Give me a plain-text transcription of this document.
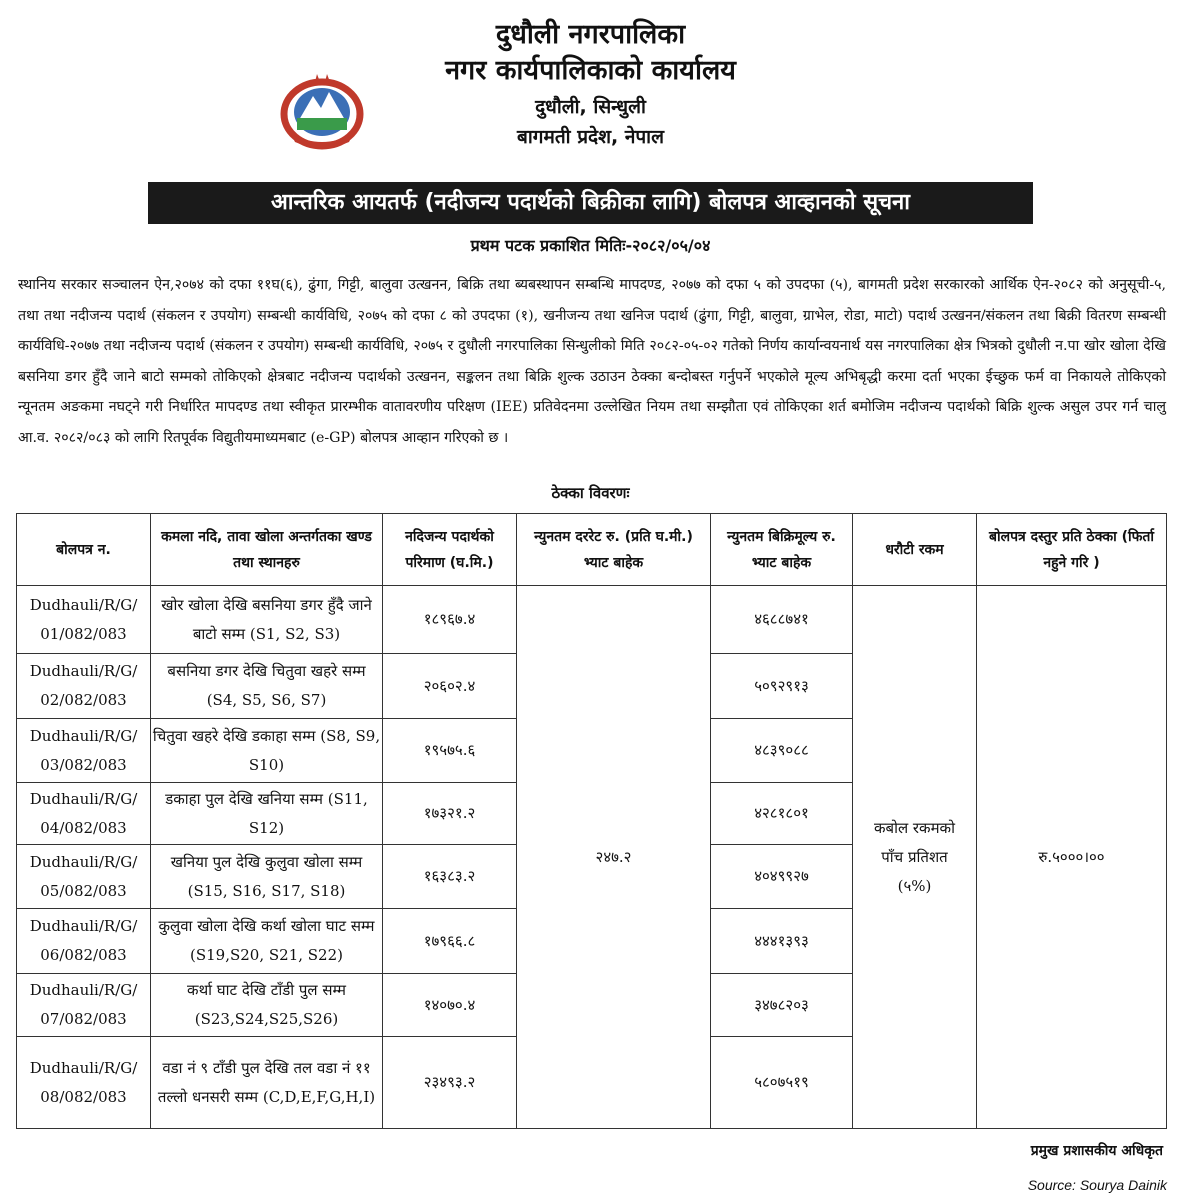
दुधौली नगरपालिका
नगर कार्यपालिकाको कार्यालय
दुधौली, सिन्धुली
बागमती प्रदेश, नेपाल
आन्तरिक आयतर्फ (नदीजन्य पदार्थको बिक्रीका लागि) बोलपत्र आव्हानको सूचना
प्रथम पटक प्रकाशित मितिः-२०८२/०५/०४
स्थानिय सरकार सञ्चालन ऐन,२०७४ को दफा ११घ(६), ढुंगा, गिट्टी, बालुवा उत्खनन, बिक्रि तथा ब्यबस्थापन सम्बन्धि मापदण्ड, २०७७ को दफा ५ को उपदफा (५), बागमती प्रदेश सरकारको आर्थिक ऐन-२०८२ को अनुसूची-५, तथा तथा नदीजन्य पदार्थ (संकलन र उपयोग) सम्बन्धी कार्यविधि, २०७५ को दफा ८ को उपदफा (१), खनीजन्य तथा खनिज पदार्थ (ढुंगा, गिट्टी, बालुवा, ग्राभेल, रोडा, माटो) पदार्थ उत्खनन/संकलन तथा बिक्री वितरण सम्बन्धी कार्यविधि-२०७७ तथा नदीजन्य पदार्थ (संकलन र उपयोग) सम्बन्धी कार्यविधि, २०७५ र दुधौली नगरपालिका सिन्धुलीको मिति २०८२-०५-०२ गतेको निर्णय कार्यान्वयनार्थ यस नगरपालिका क्षेत्र भित्रको दुधौली न.पा खोर खोला देखि बसनिया डगर हुँदै जाने बाटो सम्मको तोकिएको क्षेत्रबाट नदीजन्य पदार्थको उत्खनन, सङ्कलन तथा बिक्रि शुल्क उठाउन ठेक्का बन्दोबस्त गर्नुपर्ने भएकोले मूल्य अभिबृद्धी करमा दर्ता भएका ईच्छुक फर्म वा निकायले तोकिएको न्यूनतम अङकमा नघट्ने गरी निर्धारित मापदण्ड तथा स्वीकृत प्रारम्भीक वातावरणीय परिक्षण (IEE) प्रतिवेदनमा उल्लेखित नियम तथा सम्झौता एवं तोकिएका शर्त बमोजिम नदीजन्य पदार्थको बिक्रि शुल्क असुल उपर गर्न चालु आ.व. २०८२/०८३ को लागि रितपूर्वक विद्युतीयमाध्यमबाट (e-GP) बोलपत्र आव्हान गरिएको छ ।
ठेक्का विवरणः
बोलपत्र न.	कमला नदि, तावा खोला अन्तर्गतका खण्ड तथा स्थानहरु	नदिजन्य पदार्थको परिमाण (घ.मि.)	न्युनतम दररेट रु. (प्रति घ.मी.) भ्याट बाहेक	न्युनतम बिक्रिमूल्य रु. भ्याट बाहेक	धरौटी रकम	बोलपत्र दस्तुर प्रति ठेक्का (फिर्ता नहुने गरि )
Dudhauli/R/G/ 01/082/083	खोर खोला देखि बसनिया डगर हुँदै जाने बाटो सम्म (S1, S2, S3)	१८९६७.४	२४७.२	४६८८७४१	कबोल रकमको पाँच प्रतिशत (५%)	रु.५०००।००
Dudhauli/R/G/ 02/082/083	बसनिया डगर देखि चितुवा खहरे सम्म (S4, S5, S6, S7)	२०६०२.४		५०९२९१३		
Dudhauli/R/G/ 03/082/083	चितुवा खहरे देखि डकाहा सम्म (S8, S9, S10)	१९५७५.६		४८३९०८८		
Dudhauli/R/G/ 04/082/083	डकाहा पुल देखि खनिया सम्म (S11, S12)	१७३२१.२		४२८१८०१		
Dudhauli/R/G/ 05/082/083	खनिया पुल देखि कुलुवा खोला सम्म (S15, S16, S17, S18)	१६३८३.२		४०४९९२७		
Dudhauli/R/G/ 06/082/083	कुलुवा खोला देखि कर्था खोला घाट सम्म (S19,S20, S21, S22)	१७९६६.८		४४४१३९३		
Dudhauli/R/G/ 07/082/083	कर्था घाट देखि टाँडी पुल सम्म (S23,S24,S25,S26)	१४०७०.४		३४७८२०३		
Dudhauli/R/G/ 08/082/083	वडा नं ९ टाँडी पुल देखि तल वडा नं ११ तल्लो धनसरी सम्म (C,D,E,F,G,H,I)	२३४९३.२		५८०७५१९		
प्रमुख प्रशासकीय अधिकृत
Source: Sourya Dainik
